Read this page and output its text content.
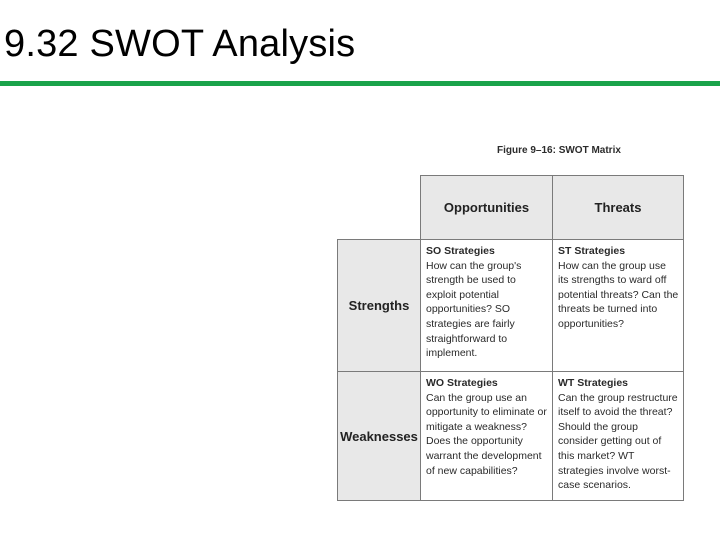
9.32 SWOT Analysis
Figure 9–16: SWOT Matrix
Opportunities	Threats
Strengths
Weaknesses
SO Strategies
How can the group's strength be used to exploit potential opportunities? SO strategies are fairly straightforward to implement.
ST Strategies
How can the group use its strengths to ward off potential threats? Can the threats be turned into opportunities?
WO Strategies
Can the group use an opportunity to eliminate or mitigate a weakness? Does the opportunity warrant the development of new capabilities?
WT Strategies
Can the group restructure itself to avoid the threat? Should the group consider getting out of this market? WT strategies involve worst-case scenarios.
